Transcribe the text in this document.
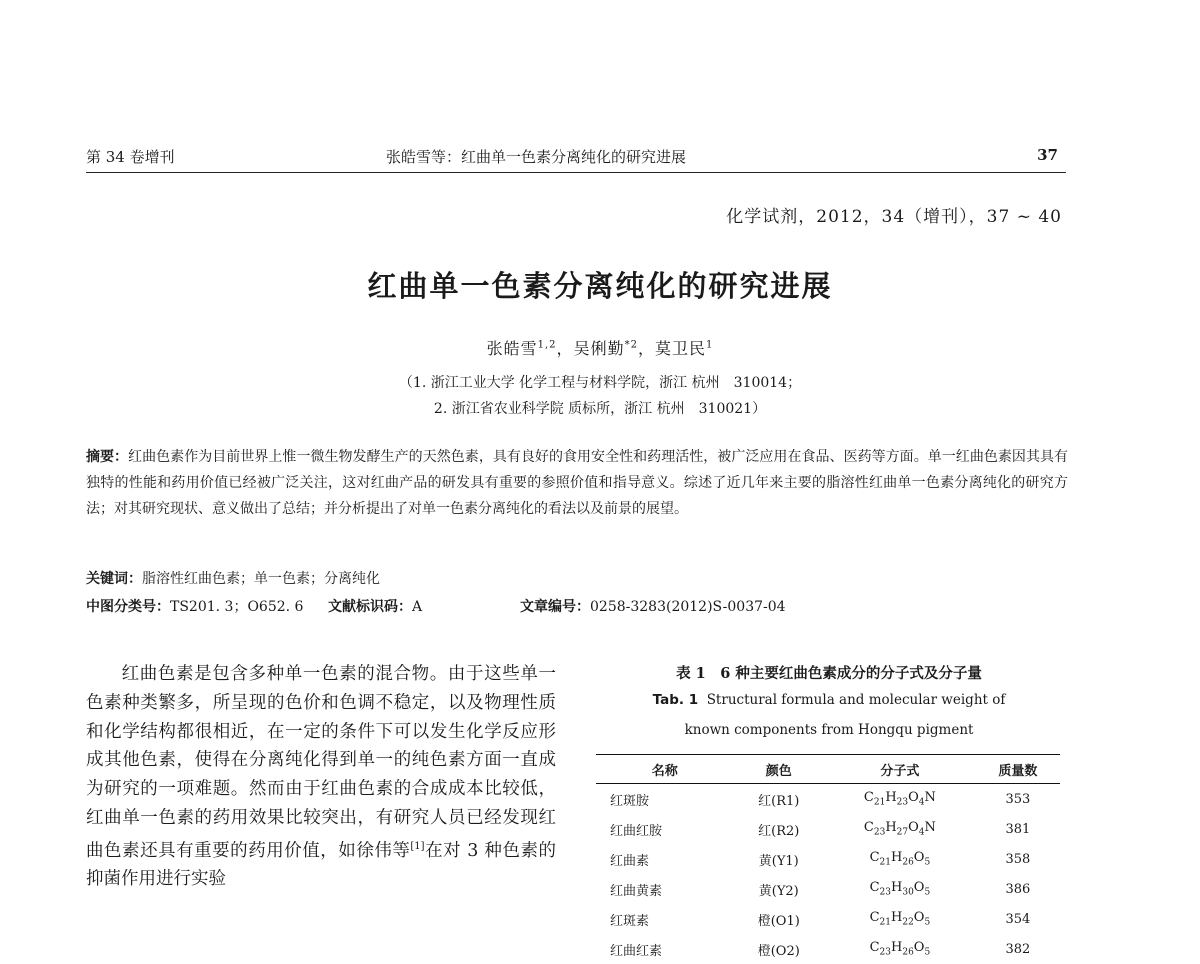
第 34 卷增刊	张皓雪等：红曲单一色素分离纯化的研究进展	37
化学试剂，2012，34（增刊），37 ~ 40
红曲单一色素分离纯化的研究进展
张皓雪$^{1,2}$，吴俐勤$^{*2}$，莫卫民$^1$
（1. 浙江工业大学 化学工程与材料学院，浙江 杭州　310014；
2. 浙江省农业科学院 质标所，浙江 杭州　310021）
摘要：红曲色素作为目前世界上惟一微生物发酵生产的天然色素，具有良好的食用安全性和药理活性，被广泛应用在食品、医药等方面。单一红曲色素因其具有独特的性能和药用价值已经被广泛关注，这对红曲产品的研发具有重要的参照价值和指导意义。综述了近几年来主要的脂溶性红曲单一色素分离纯化的研究方法；对其研究现状、意义做出了总结；并分析提出了对单一色素分离纯化的看法以及前景的展望。
关键词：脂溶性红曲色素；单一色素；分离纯化
中图分类号：TS201. 3；O652. 6 文献标识码：A	文章编号：0258-3283(2012)S-0037-04
红曲色素是包含多种单一色素的混合物。由于这些单一色素种类繁多，所呈现的色价和色调不稳定，以及物理性质和化学结构都很相近，在一定的条件下可以发生化学反应形成其他色素，使得在分离纯化得到单一的纯色素方面一直成为研究的一项难题。然而由于红曲色素的合成成本比较低，红曲单一色素的药用效果比较突出，有研究人员已经发现红曲色素还具有重要的药用价值，如徐伟等[1]在对 3 种色素的抑菌作用进行实验
表 1　6 种主要红曲色素成分的分子式及分子量
Tab. 1 Structural formula and molecular weight of
known components from Hongqu pigment
名称	颜色	分子式	质量数
红斑胺	红(R1)	$C_{21}H_{23}O_4N$	353
红曲红胺	红(R2)	$C_{23}H_{27}O_4N$	381
红曲素	黄(Y1)	$C_{21}H_{26}O_5$	358
红曲黄素	黄(Y2)	$C_{23}H_{30}O_5$	386
红斑素	橙(O1)	$C_{21}H_{22}O_5$	354
红曲红素	橙(O2)	$C_{23}H_{26}O_5$	382
